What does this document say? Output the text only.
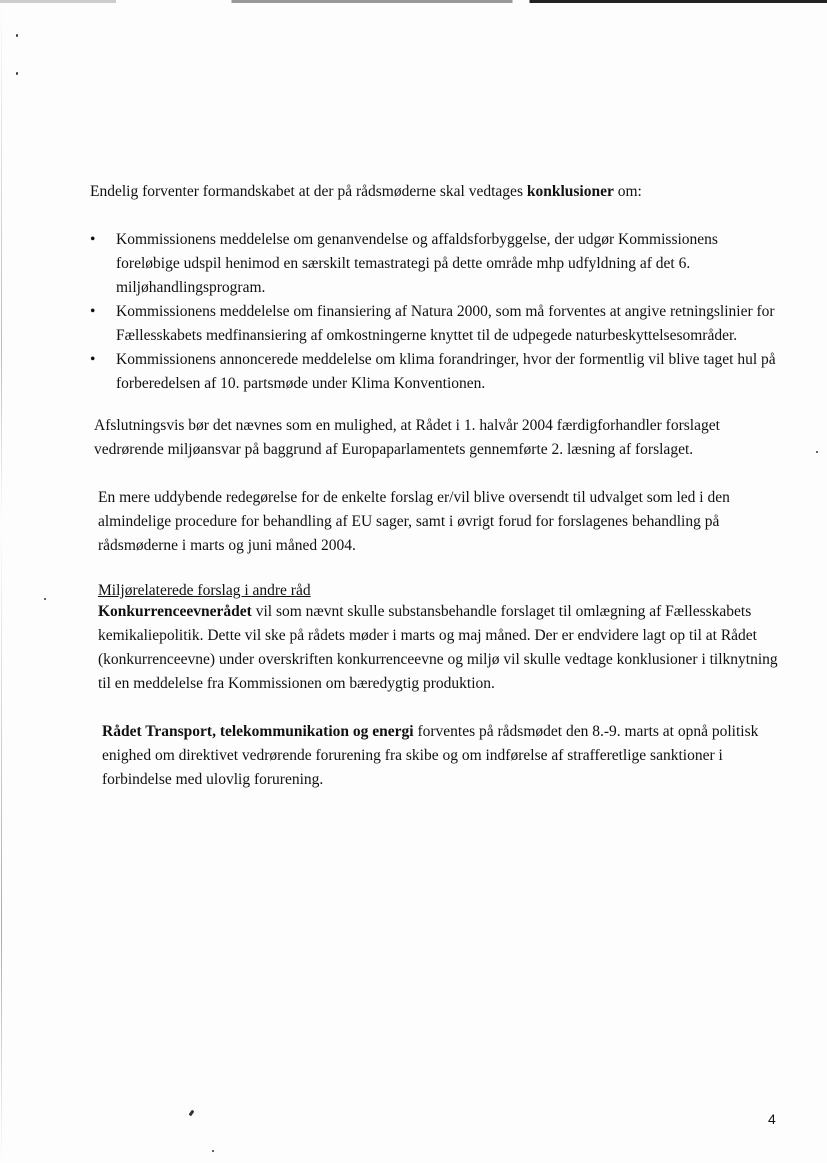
Endelig forventer formandskabet at der på rådsmøderne skal vedtages konklusioner om:

• Kommissionens meddelelse om genanvendelse og affaldsforbyggelse, der udgør Kommissionens foreløbige udspil henimod en særskilt temastrategi på dette område mhp udfyldning af det 6. miljøhandlingsprogram.
• Kommissionens meddelelse om finansiering af Natura 2000, som må forventes at angive retningslinier for Fællesskabets medfinansiering af omkostningerne knyttet til de udpegede naturbeskyttelsesområder.
• Kommissionens annoncerede meddelelse om klima forandringer, hvor der formentlig vil blive taget hul på forberedelsen af 10. partsmøde under Klima Konventionen.

Afslutningsvis bør det nævnes som en mulighed, at Rådet i 1. halvår 2004 færdigforhandler forslaget vedrørende miljøansvar på baggrund af Europaparlamentets gennemførte 2. læsning af forslaget.

En mere uddybende redegørelse for de enkelte forslag er/vil blive oversendt til udvalget som led i den almindelige procedure for behandling af EU sager, samt i øvrigt forud for forslagenes behandling på rådsmøderne i marts og juni måned 2004.

Miljørelaterede forslag i andre råd

Konkurrenceevnerådet vil som nævnt skulle substansbehandle forslaget til omlægning af Fællesskabets kemikaliepolitik. Dette vil ske på rådets møder i marts og maj måned. Der er endvidere lagt op til at Rådet (konkurrenceevne) under overskriften konkurrenceevne og miljø vil skulle vedtage konklusioner i tilknytning til en meddelelse fra Kommissionen om bæredygtig produktion.

Rådet Transport, telekommunikation og energi forventes på rådsmødet den 8.-9. marts at opnå politisk enighed om direktivet vedrørende forurening fra skibe og om indførelse af strafferetlige sanktioner i forbindelse med ulovlig forurening.

4
